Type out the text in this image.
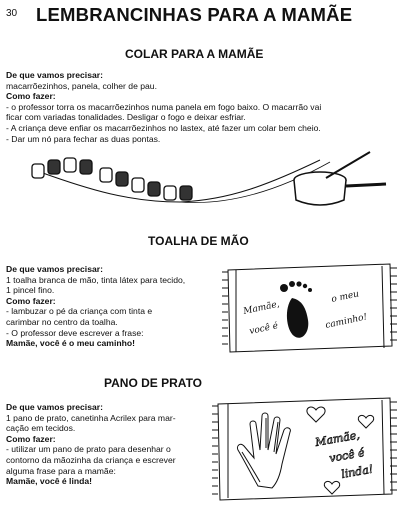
30 LEMBRANCINHAS PARA A MAMÃE
COLAR PARA A MAMÃE

De que vamos precisar:

macarrõezinhos, panela, colher de pau.

Como fazer:

- o professor torra os macarrõezinhos numa panela em fogo baixo. O macarrão vai

ficar com variadas tonalidades. Desligar o fogo e deixar esfriar.

- A criança deve enfiar os macarrõezinhos no lastex, até fazer um colar bem cheio.

- Dar um nó para fechar as duas pontas.

TOALHA DE MÃO

De que vamos precisar:

1 toalha branca de mão, tinta látex para tecido,

1 pincel fino.

Como fazer:

- lambuzar o pé da criança com tinta e

carimbar no centro da toalha.

- O professor deve escrever a frase:

Mamãe, você é o meu caminho!

Mamãe,
você é
o meu
caminho!
PANO DE PRATO

De que vamos precisar:

1 pano de prato, canetinha Acrilex para mar-

cação em tecidos.

Como fazer:

- utilizar um pano de prato para desenhar o

contorno da mãozinha da criança e escrever

alguma frase para a mamãe:

Mamãe, você é linda!

Mamãe,
você é
linda!
